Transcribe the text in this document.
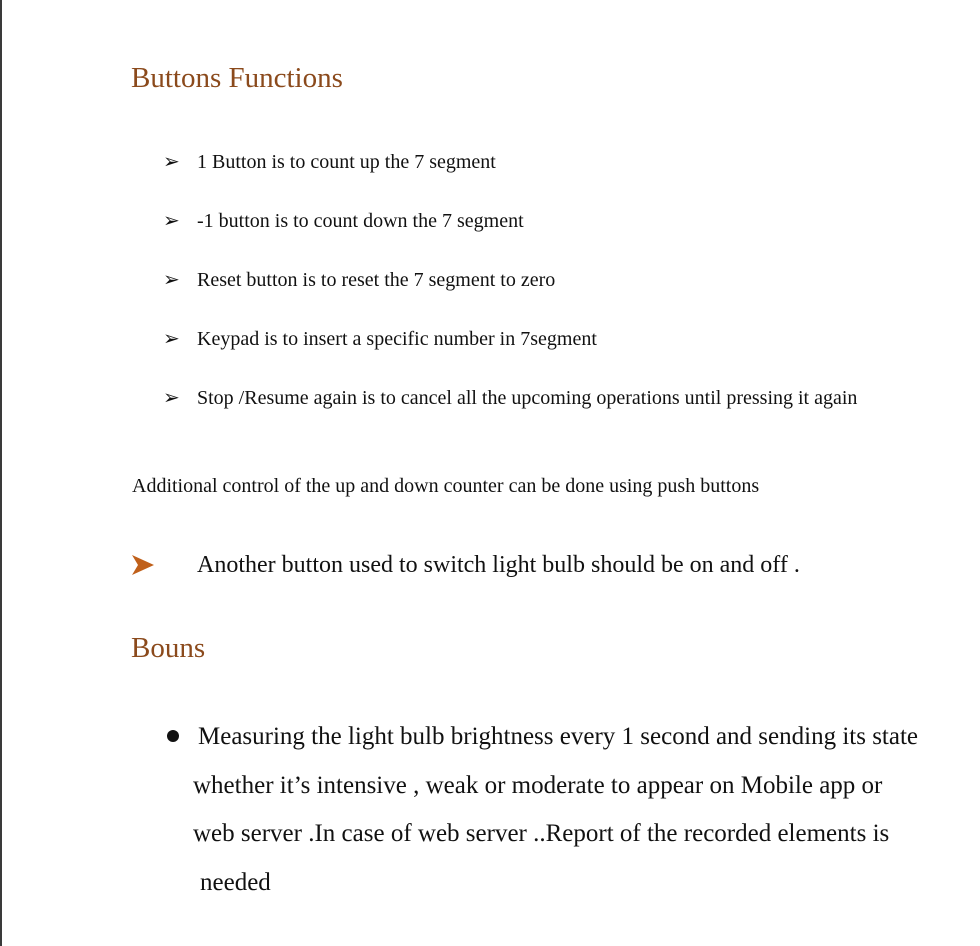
Buttons Functions
➢ 1 Button is to count up the 7 segment
➢ -1 button is to count down the 7 segment
➢ Reset button is to reset the 7 segment to zero
➢ Keypad is to insert a specific number in 7segment
➢ Stop /Resume again is to cancel all the upcoming operations until pressing it again
Additional control of the up and down counter can be done using push buttons
Another button used to switch light bulb should be on and off .
Bouns
Measuring the light bulb brightness every 1 second and sending its state
whether it’s intensive , weak or moderate to appear on Mobile app or
web server .In case of web server ..Report of the recorded elements is
needed
